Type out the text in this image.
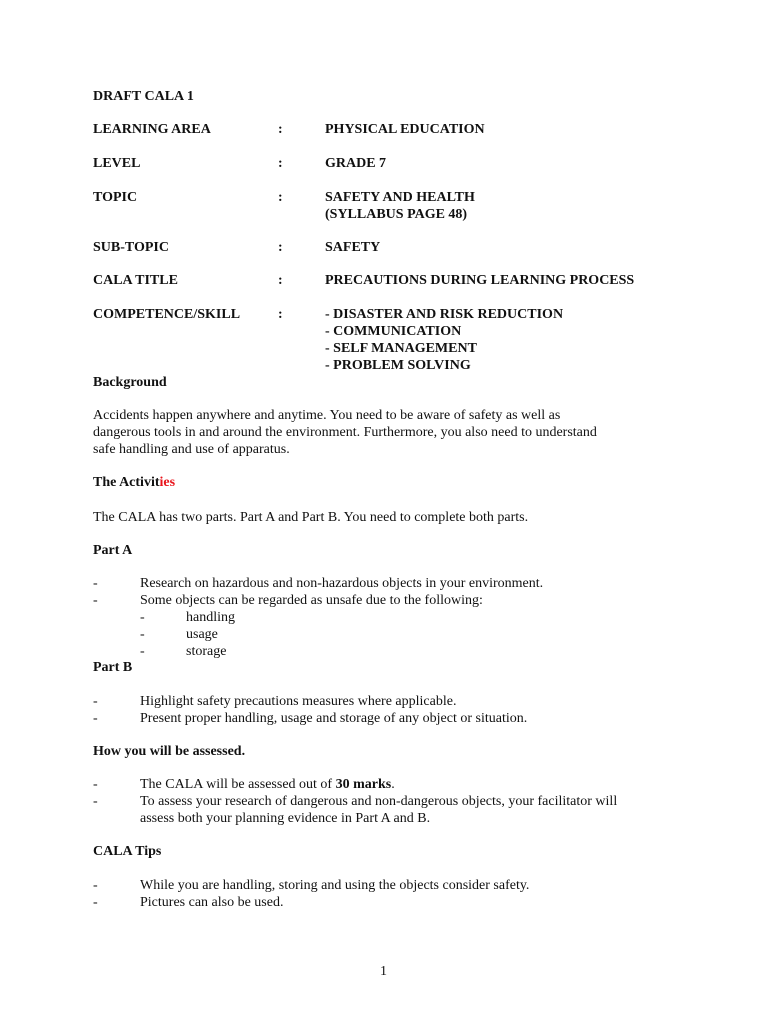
DRAFT CALA 1
LEARNING AREA	:	PHYSICAL EDUCATION
LEVEL	:	GRADE 7
TOPIC	:	SAFETY AND HEALTH
(SYLLABUS PAGE 48)
SUB-TOPIC	:	SAFETY
CALA TITLE	:	PRECAUTIONS DURING LEARNING PROCESS
COMPETENCE/SKILL	:	- DISASTER AND RISK REDUCTION
- COMMUNICATION
- SELF MANAGEMENT
- PROBLEM SOLVING
Background
Accidents happen anywhere and anytime. You need to be aware of safety as well as
dangerous tools in and around the environment. Furthermore, you also need to understand
safe handling and use of apparatus.
The Activities
The CALA has two parts. Part A and Part B. You need to complete both parts.
Part A
-	Research on hazardous and non-hazardous objects in your environment.
-	Some objects can be regarded as unsafe due to the following:
-	handling
-	usage
-	storage
Part B
-	Highlight safety precautions measures where applicable.
-	Present proper handling, usage and storage of any object or situation.
How you will be assessed.
-	The CALA will be assessed out of 30 marks.
-	To assess your research of dangerous and non-dangerous objects, your facilitator will
assess both your planning evidence in Part A and B.
CALA Tips
-	While you are handling, storing and using the objects consider safety.
-	Pictures can also be used.
1
